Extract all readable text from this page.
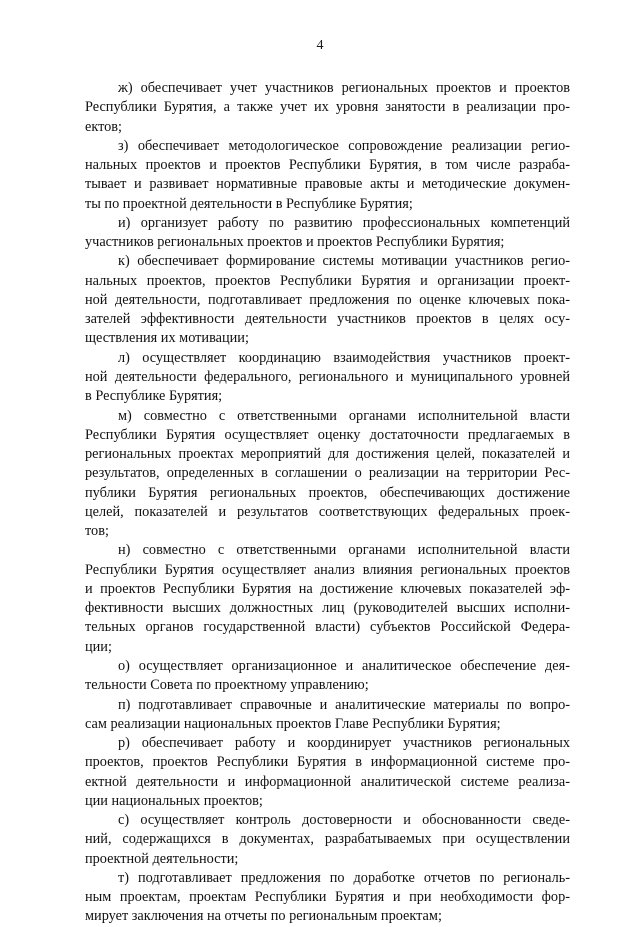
4
ж) обеспечивает учет участников региональных проектов и проектов
Республики Бурятия, а также учет их уровня занятости в реализации про-
ектов;
з) обеспечивает методологическое сопровождение реализации регио-
нальных проектов и проектов Республики Бурятия, в том числе разраба-
тывает и развивает нормативные правовые акты и методические докумен-
ты по проектной деятельности в Республике Бурятия;
и) организует работу по развитию профессиональных компетенций
участников региональных проектов и проектов Республики Бурятия;
к) обеспечивает формирование системы мотивации участников регио-
нальных проектов, проектов Республики Бурятия и организации проект-
ной деятельности, подготавливает предложения по оценке ключевых пока-
зателей эффективности деятельности участников проектов в целях осу-
ществления их мотивации;
л) осуществляет координацию взаимодействия участников проект-
ной деятельности федерального, регионального и муниципального уровней
в Республике Бурятия;
м) совместно с ответственными органами исполнительной власти
Республики Бурятия осуществляет оценку достаточности предлагаемых в
региональных проектах мероприятий для достижения целей, показателей и
результатов, определенных в соглашении о реализации на территории Рес-
публики Бурятия региональных проектов, обеспечивающих достижение
целей, показателей и результатов соответствующих федеральных проек-
тов;
н) совместно с ответственными органами исполнительной власти
Республики Бурятия осуществляет анализ влияния региональных проектов
и проектов Республики Бурятия на достижение ключевых показателей эф-
фективности высших должностных лиц (руководителей высших исполни-
тельных органов государственной власти) субъектов Российской Федера-
ции;
о) осуществляет организационное и аналитическое обеспечение дея-
тельности Совета по проектному управлению;
п) подготавливает справочные и аналитические материалы по вопро-
сам реализации национальных проектов Главе Республики Бурятия;
р) обеспечивает работу и координирует участников региональных
проектов, проектов Республики Бурятия в информационной системе про-
ектной деятельности и информационной аналитической системе реализа-
ции национальных проектов;
с) осуществляет контроль достоверности и обоснованности сведе-
ний, содержащихся в документах, разрабатываемых при осуществлении
проектной деятельности;
т) подготавливает предложения по доработке отчетов по региональ-
ным проектам, проектам Республики Бурятия и при необходимости фор-
мирует заключения на отчеты по региональным проектам;
